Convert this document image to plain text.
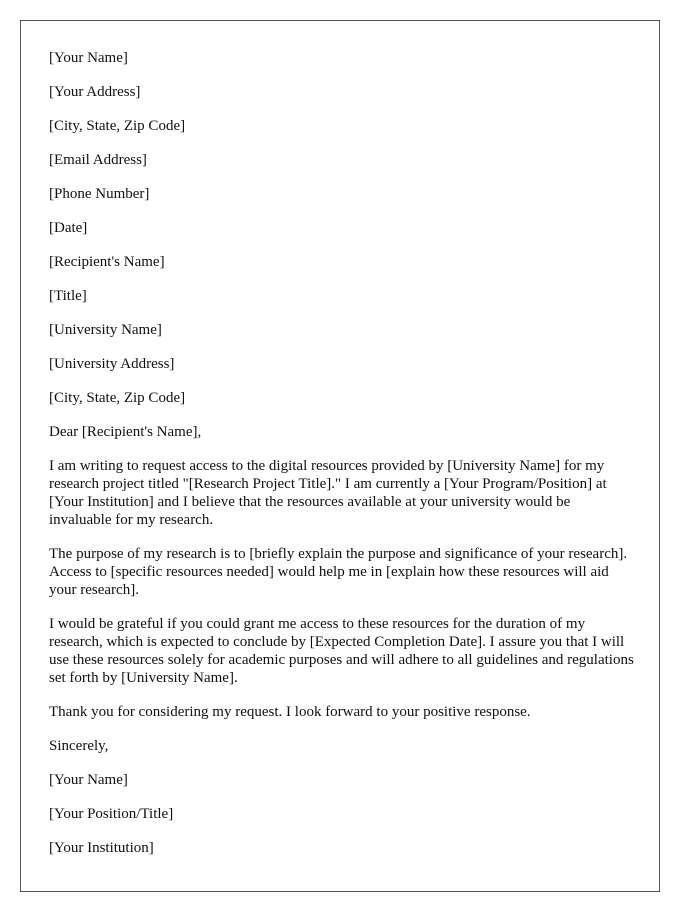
[Your Name]
[Your Address]
[City, State, Zip Code]
[Email Address]
[Phone Number]
[Date]
[Recipient's Name]
[Title]
[University Name]
[University Address]
[City, State, Zip Code]
Dear [Recipient's Name],

I am writing to request access to the digital resources provided by [University Name] for my research project titled "[Research Project Title]." I am currently a [Your Program/Position] at [Your Institution] and I believe that the resources available at your university would be invaluable for my research.

The purpose of my research is to [briefly explain the purpose and significance of your research]. Access to [specific resources needed] would help me in [explain how these resources will aid your research].

I would be grateful if you could grant me access to these resources for the duration of my research, which is expected to conclude by [Expected Completion Date]. I assure you that I will use these resources solely for academic purposes and will adhere to all guidelines and regulations set forth by [University Name].

Thank you for considering my request. I look forward to your positive response.

Sincerely,
[Your Name]
[Your Position/Title]
[Your Institution]
